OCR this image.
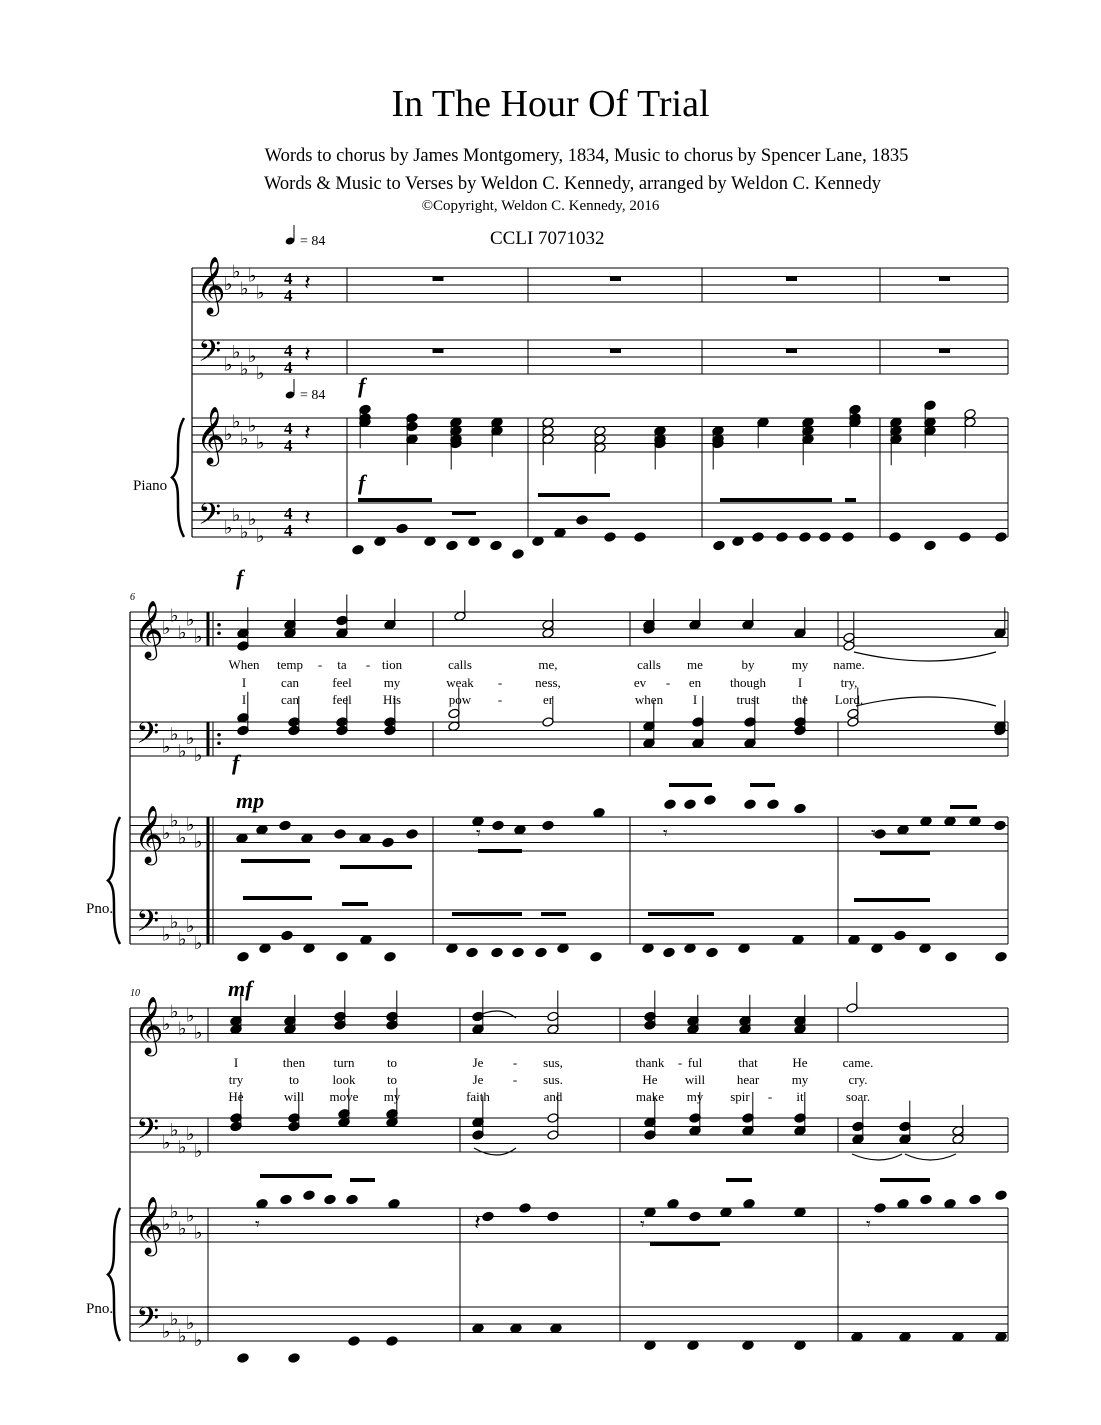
In The Hour Of Trial
Words to chorus by James Montgomery, 1834, Music to chorus by Spencer Lane, 1835
Words & Music to Verses by Weldon C. Kennedy, arranged by Weldon C. Kennedy
©Copyright, Weldon C. Kennedy, 2016
CCLI 7071032
𝄞
𝄢
𝄞
𝄢
♭
♭
♭
♭
♭
4
4 𝄽
♭
♭
♭
♭
♭
4
4 𝄽
♭
♭
♭
♭
♭
4
4 𝄽
♭
♭
♭
♭
♭
4
4 𝄽
= 84
= 84 f
f
Piano
𝄞
𝄢
𝄞
𝄢
♭
♭
♭
♭
♭
♭
♭
♭
♭
♭
♭
♭
♭
♭
♭
♭
♭
♭
♭
♭
6
f
f
mp
𝄾	𝄾	𝄾
Pno.
𝄞
𝄢
𝄞
𝄢
♭
♭
♭
♭
♭
♭
♭
♭
♭
♭
♭
♭
♭
♭
♭
♭
♭
♭
♭
♭
10	mf
𝄾	𝄾	𝄾
𝄽
Pno.
When temp - ta - tion	calls	me,	calls me	by	my name.
I	can	feel my	weak -	ness,	ev - en though I	try,
I	can	feel His	pow -	er	when I	trust the Lord.
I	then turn to	Je - sus,	thank - ful	that	He	came.
try	to	look to	Je - sus.	He will hear	my	cry.
He	will move my	faith	and	make my spir - it	soar.
